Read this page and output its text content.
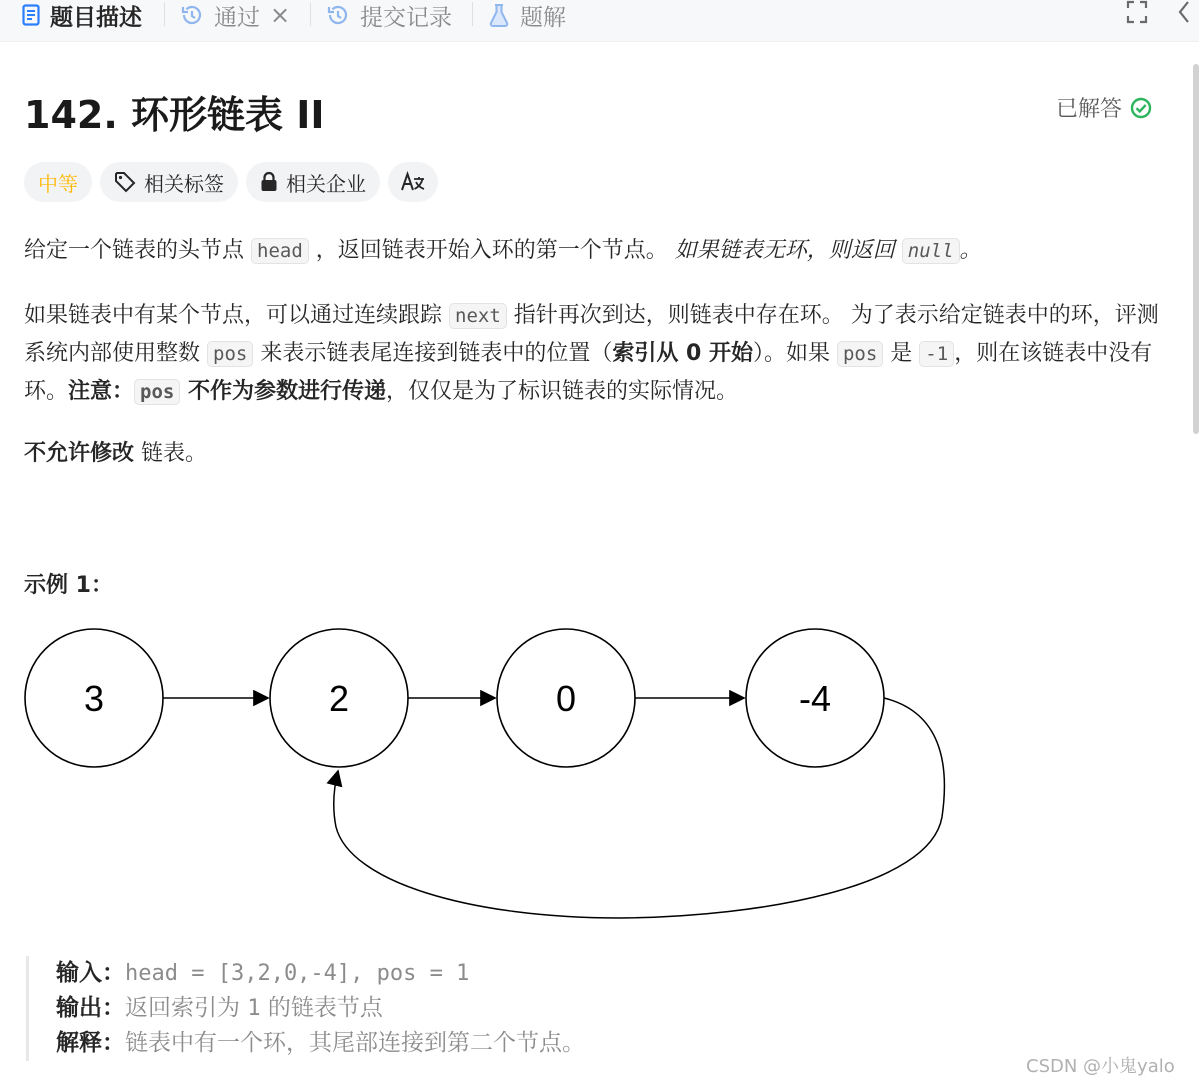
题目描述	通过 ×	提交记录	题解
142. 环形链表 II	已解答
中等	相关标签	相关企业
给定一个链表的头节点 head ，返回链表开始入环的第一个节点。 如果链表无环，则返回 null 。
如果链表中有某个节点，可以通过连续跟踪 next 指针再次到达，则链表中存在环。 为了表示给定链表中的环，评测系统内部使用整数 pos 来表示链表尾连接到链表中的位置（索引从 0 开始）。如果 pos 是 -1 ，则在该链表中没有环。注意： pos 不作为参数进行传递，仅仅是为了标识链表的实际情况。
不允许修改 链表。
示例 1：
3	2	0	-4
输入：head = [3,2,0,-4], pos = 1
输出：返回索引为 1 的链表节点
解释：链表中有一个环，其尾部连接到第二个节点。
CSDN @小鬼yalo
